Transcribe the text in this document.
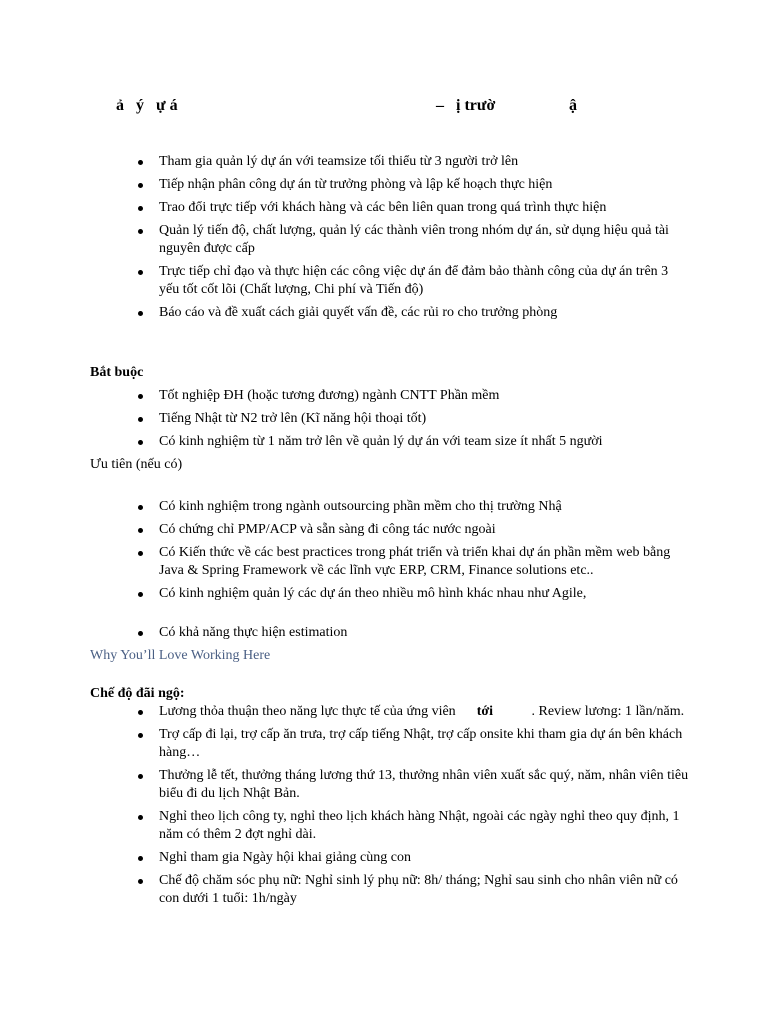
ả   ý   ự á	–   ị trườ	ậ
Tham gia quản lý dự án với teamsize tối thiểu từ 3 người trở lên
Tiếp nhận phân công dự án từ trưởng phòng và lập kế hoạch thực hiện
Trao đổi trực tiếp với khách hàng và các bên liên quan trong quá trình thực hiện
Quản lý tiến độ, chất lượng, quản lý các thành viên trong nhóm dự án, sử dụng hiệu quả tài nguyên được cấp
Trực tiếp chỉ đạo và thực hiện các công việc dự án để đảm bảo thành công của dự án trên 3 yếu tốt cốt lõi (Chất lượng, Chi phí và Tiến độ)
Báo cáo và đề xuất cách giải quyết vấn đề, các rủi ro cho trưởng phòng
Bắt buộc
Tốt nghiệp ĐH (hoặc tương đương) ngành CNTT Phần mềm
Tiếng Nhật từ N2 trở lên (Kĩ năng hội thoại tốt)
Có kinh nghiệm từ 1 năm trở lên về quản lý dự án với team size ít nhất 5 người
Ưu tiên (nếu có)
Có kinh nghiệm trong ngành outsourcing phần mềm cho thị trường Nhậ
Có chứng chỉ PMP/ACP và sẵn sàng đi công tác nước ngoài
Có Kiến thức về các best practices trong phát triển và triển khai dự án phần mềm web bằng Java & Spring Framework về các lĩnh vực ERP, CRM, Finance solutions etc..
Có kinh nghiệm quản lý các dự án theo nhiều mô hình khác nhau như Agile,
Có khả năng thực hiện estimation
Why You’ll Love Working Here
Chế độ đãi ngộ:
Lương thỏa thuận theo năng lực thực tế của ứng viên tới	. Review lương: 1 lần/năm.
Trợ cấp đi lại, trợ cấp ăn trưa, trợ cấp tiếng Nhật, trợ cấp onsite khi tham gia dự án bên khách hàng…
Thưởng lễ tết, thưởng tháng lương thứ 13, thưởng nhân viên xuất sắc quý, năm, nhân viên tiêu biểu đi du lịch Nhật Bản.
Nghỉ theo lịch công ty, nghỉ theo lịch khách hàng Nhật, ngoài các ngày nghỉ theo quy định, 1 năm có thêm 2 đợt nghỉ dài.
Nghỉ tham gia Ngày hội khai giảng cùng con
Chế độ chăm sóc phụ nữ: Nghỉ sinh lý phụ nữ: 8h/ tháng; Nghỉ sau sinh cho nhân viên nữ có con dưới 1 tuổi: 1h/ngày
